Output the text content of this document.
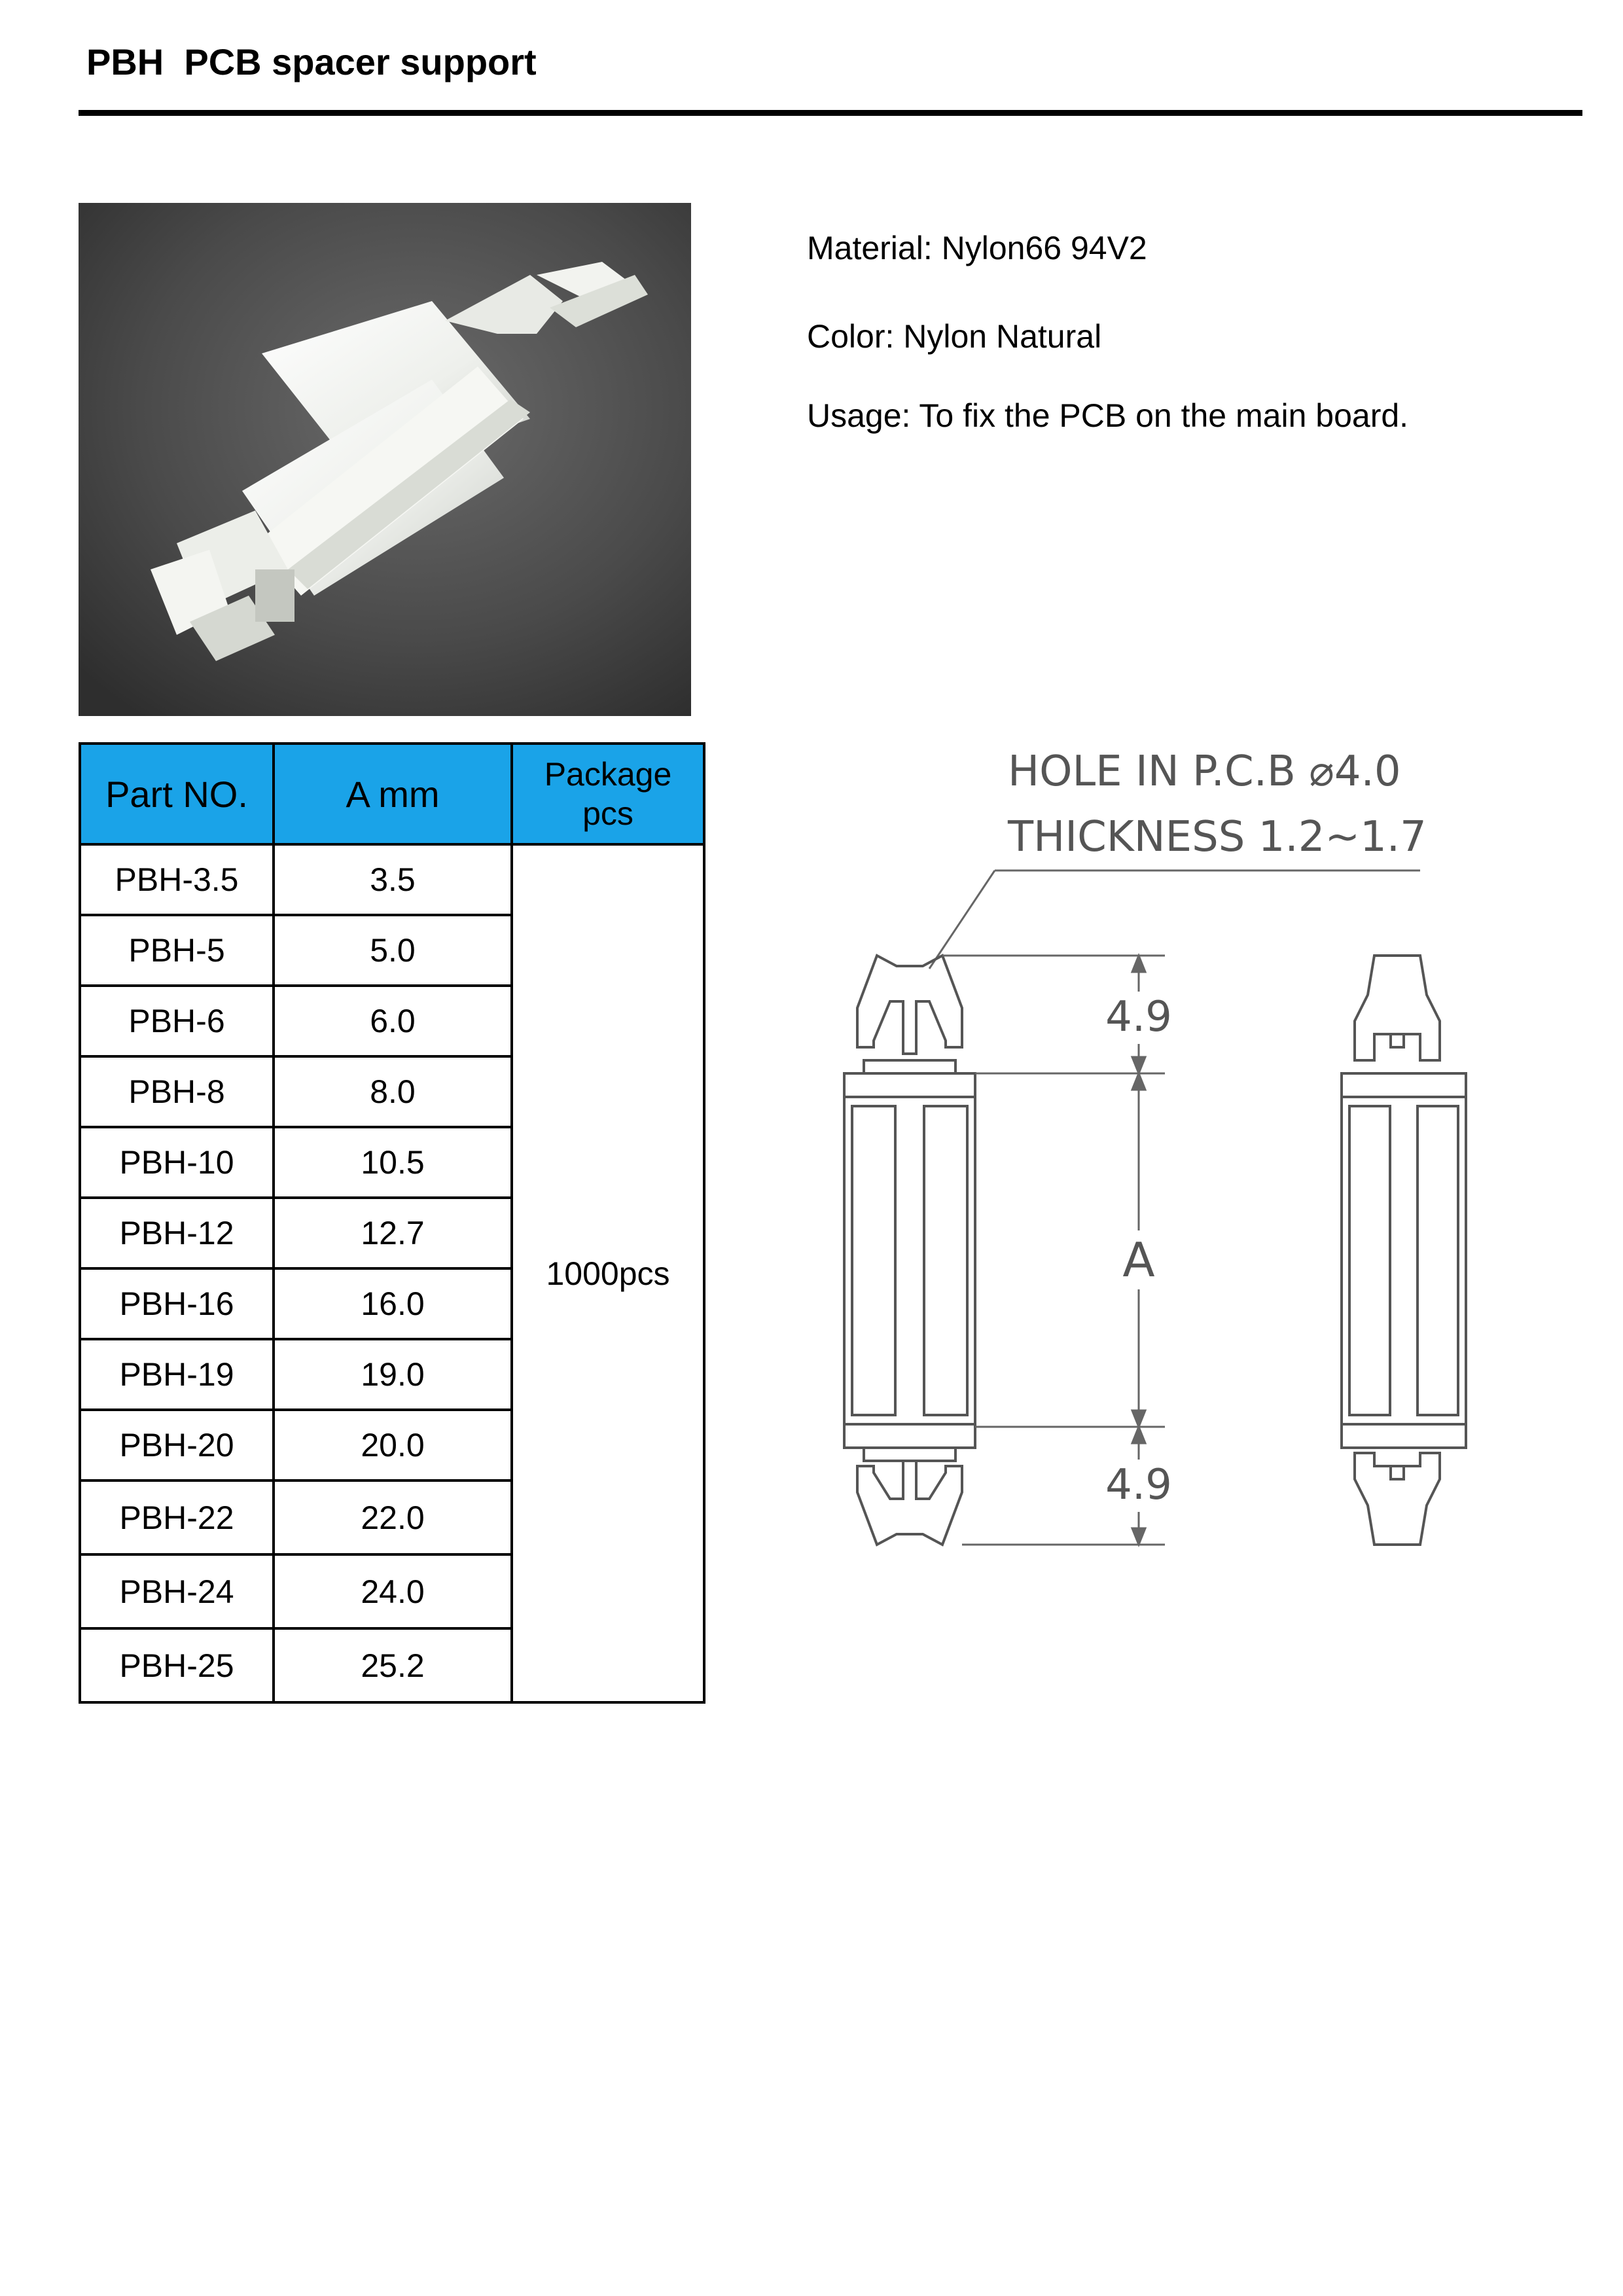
PBH  PCB spacer support
Material: Nylon66 94V2
Color: Nylon Natural
Usage: To fix the PCB on the main board.
Part NO.	A mm	Package
pcs
PBH-3.5	3.5	1000pcs
PBH-5	5.0	
PBH-6	6.0	
PBH-8	8.0	
PBH-10	10.5	
PBH-12	12.7	
PBH-16	16.0	
PBH-19	19.0	
PBH-20	20.0	
PBH-22	22.0	
PBH-24	24.0	
PBH-25	25.2	
HOLE IN P.C.B ⌀4.0
THICKNESS 1.2~1.7
4.9
A
4.9
